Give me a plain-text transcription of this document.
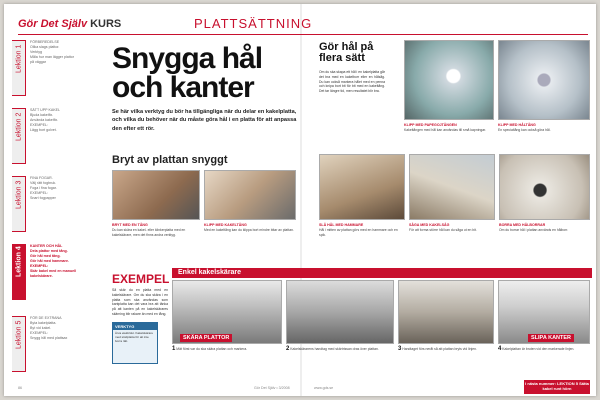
Gör Det Själv KURS	PLATTSÄTTNING
Lektion 1
FÖRBEREDELSE
Olika slags plattor.
Verktyg
Måla hur man lägger plattor på väggar
Lektion 2
SÄTT UPP KAKEL
Bjuda kakelfix.
Använda kakelfix.
EXEMPEL:
Lägg bort golvet.
Lektion 3
FINA FOGAR.
Välj rätt fogbruk.
Foga i fina fogar.
EXEMPEL:
Snart fogpapper
Lektion 4
KANTER OCH HÅL
Dela plattor med tång.
Gör hål med tång.
Gör hål med hammare.
EXEMPEL:
Skär bakel med en manuell kakelskärare.
Lektion 5
FÖR DE EXTRANA
Byta kakelplatta.
Byt vid kakel.
EXEMPEL:
Snygg hål med plattsax
Snygga hål och kanter
Se här vilka verktyg du bör ha tillgängliga när du delar en kakelplatta, och vilka du behöver när du måste göra hål i en platta för att anpassa den efter ett rör.
Bryt av plattan snyggt
BRYT MED EN TÅNG
Du kan skära en kakel- eller klinkerplatta med en kakelskärare, men det finns andra verktyg.
KLIPP MED KAKELTÅNG
Med en kakeltång kan du klippa bort mindre bitar av plattan.
EXEMPEL
Så skär du en platta med en kakelskärare. Om du ska skära i en platta som ska användas som kantplatta kan det vara bra att tänka på att kanten på en kakelskärares skärning blir rakare än med en tång.
VERKTYG
Ärva elektriskt. Kakelskärare med stödplatta för att inte borra rätt.
Gör hål på flera sätt
Om du ska skapa ett hål i en kakelplatta går det bra med en kakelborr eller en hålsåg. Du kan också markera hålet med en penna och knipa bort bit för bit med en kakeltång. Det tar längre tid, men resultatet blir bra.
KLIPP MED PAPEGOJTÅNGEN
Kakeltången med hål kan användas till små kapningar.
KLIPP MED HÅLTÅNG
En specialtång kan också göra hål.
SLÅ HÅL MED HAMMARE
Hål i mitten av plattan görs med en hammare och en spik.
SÅGA MED KAKELSÅG
För att forma större hål kan du såga ut en bit.
BORRA MED HÅLBORRAR
Om du borrar hål i plattan används en hålborr.
Enkel kakelskärare
SKÄRA PLATTOR	SLIPA KANTER
1 Mät först var du ska skära plattan och markera.	2 Kakelskärarens handtag med skärtrissan dras över plattan.	3 Handtaget förs neråt så att plattan bryts vid linjen.	4 Kakelplattan är bruten vid den markerade linjen.
86	Gör Det Själv • 3/2008	www.gds.se
I nästa nummer: LEKTION 5 Sätta kakel runt hörn
